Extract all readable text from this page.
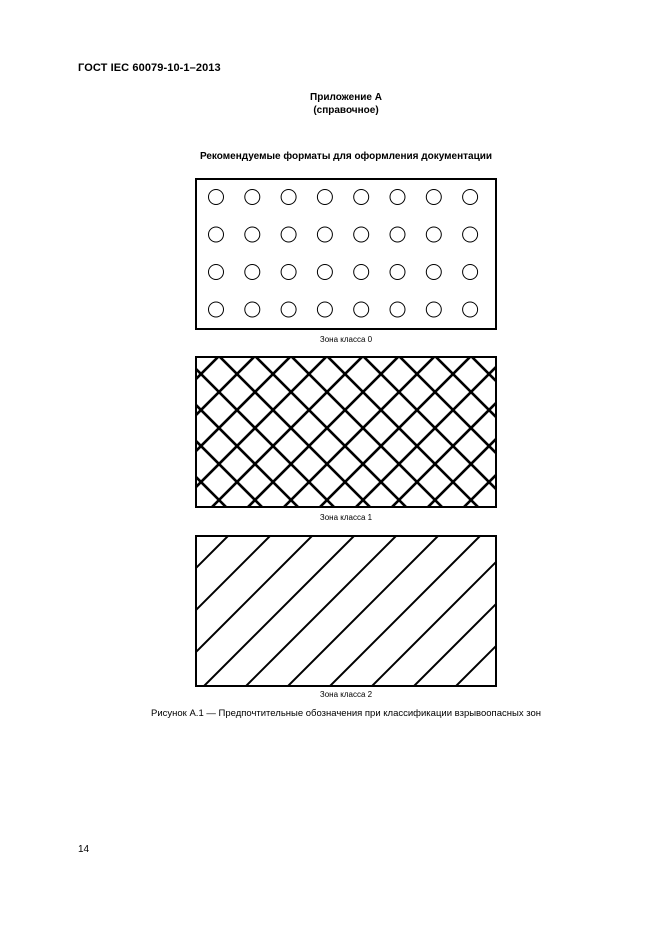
ГОСТ IEC 60079-10-1–2013
Приложение А
(справочное)
Рекомендуемые форматы для оформления документации
Зона класса 0
Зона класса 1
Зона класса 2
Рисунок А.1 — Предпочтительные обозначения при классификации взрывоопасных зон
14
